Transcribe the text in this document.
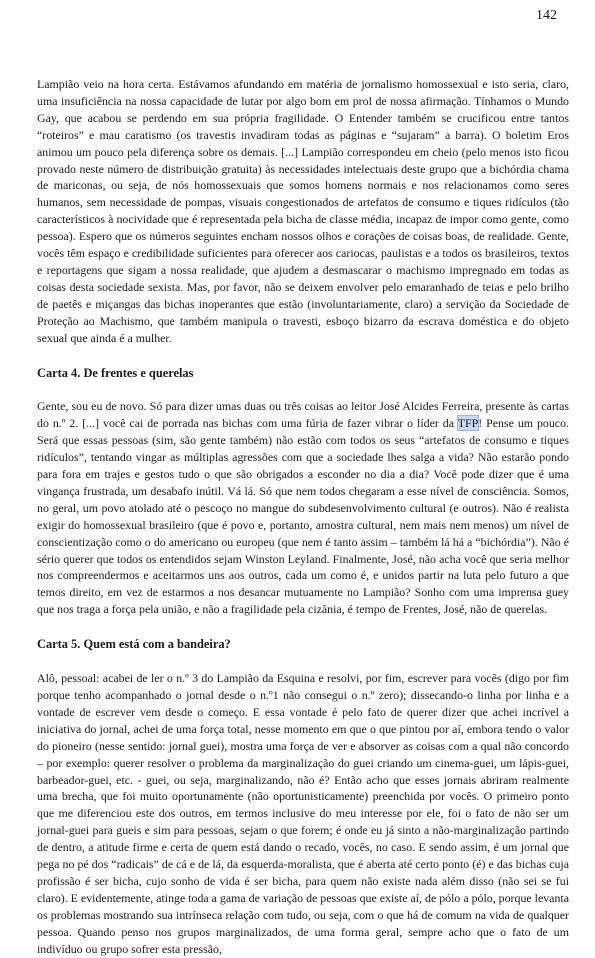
142

Lampião veio na hora certa. Estávamos afundando em matéria de jornalismo homossexual e isto seria, claro, uma insuficiência na nossa capacidade de lutar por algo bom em prol de nossa afirmação. Tínhamos o Mundo Gay, que acabou se perdendo em sua própria fragilidade. O Entender também se crucificou entre tantos “roteiros” e mau caratismo (os travestis invadiram todas as páginas e “sujaram” a barra). O boletim Eros animou um pouco pela diferença sobre os demais. [...] Lampião correspondeu em cheio (pelo menos isto ficou provado neste número de distribuição gratuita) às necessidades intelectuais deste grupo que a bichórdia chama de mariconas, ou seja, de nós homossexuais que somos homens normais e nos relacionamos como seres humanos, sem necessidade de pompas, visuais congestionados de artefatos de consumo e tiques ridículos (tão característicos à nocividade que é representada pela bicha de classe média, incapaz de impor como gente, como pessoa). Espero que os números seguintes encham nossos olhos e corações de coisas boas, de realidade. Gente, vocês têm espaço e credibilidade suficientes para oferecer aos cariocas, paulistas e a todos os brasileiros, textos e reportagens que sigam a nossa realidade, que ajudem a desmascarar o machismo impregnado em todas as coisas desta sociedade sexista. Mas, por favor, não se deixem envolver pelo emaranhado de teias e pelo brilho de paetês e miçangas das bichas inoperantes que estão (involuntariamente, claro) a servição da Sociedade de Proteção ao Machismo, que também manipula o travesti, esboço bizarro da escrava doméstica e do objeto sexual que ainda é a mulher.

Carta 4. De frentes e querelas

Gente, sou eu de novo. Só para dizer umas duas ou três coisas ao leitor José Alcides Ferreira, presente às cartas do n.º 2. [...] você cai de porrada nas bichas com uma fúria de fazer vibrar o líder da TFP! Pense um pouco. Será que essas pessoas (sim, são gente também) não estão com todos os seus “artefatos de consumo e tiques ridículos”, tentando vingar as múltiplas agressões com que a sociedade lhes salga a vida? Não estarão pondo para fora em trajes e gestos tudo o que são obrigados a esconder no dia a dia? Você pode dizer que é uma vingança frustrada, um desabafo inútil. Vá lá. Só que nem todos chegaram a esse nível de consciência. Somos, no geral, um povo atolado até o pescoço no mangue do subdesenvolvimento cultural (e outros). Não é realista exigir do homossexual brasileiro (que é povo e, portanto, amostra cultural, nem mais nem menos) um nível de conscientização como o do americano ou europeu (que nem é tanto assim – também lá há a “bichórdia”). Não é sério querer que todos os entendidos sejam Winston Leyland. Finalmente, José, não acha você que seria melhor nos compreendermos e aceitarmos uns aos outros, cada um como é, e unidos partir na luta pelo futuro a que temos direito, em vez de estarmos a nos desancar mutuamente no Lampião? Sonho com uma imprensa guey que nos traga a força pela união, e não a fragilidade pela cizânia, é tempo de Frentes, José, não de querelas.

Carta 5. Quem está com a bandeira?

Alô, pessoal: acabei de ler o n.º 3 do Lampião da Esquina e resolvi, por fim, escrever para vocês (digo por fim porque tenho acompanhado o jornal desde o n.º1 não consegui o n.º zero); dissecando-o linha por linha e a vontade de escrever vem desde o começo. E essa vontade é pelo fato de querer dizer que achei incrível a iniciativa do jornal, achei de uma força total, nesse momento em que o que pintou por aí, embora tendo o valor do pioneiro (nesse sentido: jornal guei), mostra uma força de ver e absorver as coisas com a qual não concordo – por exemplo: querer resolver o problema da marginalização do guei criando um cinema-guei, um lápis-guei, barbeador-guei, etc. - guei, ou seja, marginalizando, não é? Então acho que esses jornais abriram realmente uma brecha, que foi muito oportunamente (não oportunisticamente) preenchida por vocês. O primeiro ponto que me diferenciou este dos outros, em termos inclusive do meu interesse por ele, foi o fato de não ser um jornal-guei para gueis e sim para pessoas, sejam o que forem; é onde eu já sinto a não-marginalização partindo de dentro, a atitude firme e certa de quem está dando o recado, vocês, no caso. E sendo assim, é um jornal que pega no pé dos “radicais” de cá e de lá, da esquerda-moralista, que é aberta até certo ponto (é) e das bichas cuja profissão é ser bicha, cujo sonho de vida é ser bicha, para quem não existe nada além disso (não sei se fui claro). E evidentemente, atinge toda a gama de variação de pessoas que existe aí, de pólo a pólo, porque levanta os problemas mostrando sua intrínseca relação com tudo, ou seja, com o que há de comum na vida de qualquer pessoa. Quando penso nos grupos marginalizados, de uma forma geral, sempre acho que o fato de um indivíduo ou grupo sofrer esta pressão,
